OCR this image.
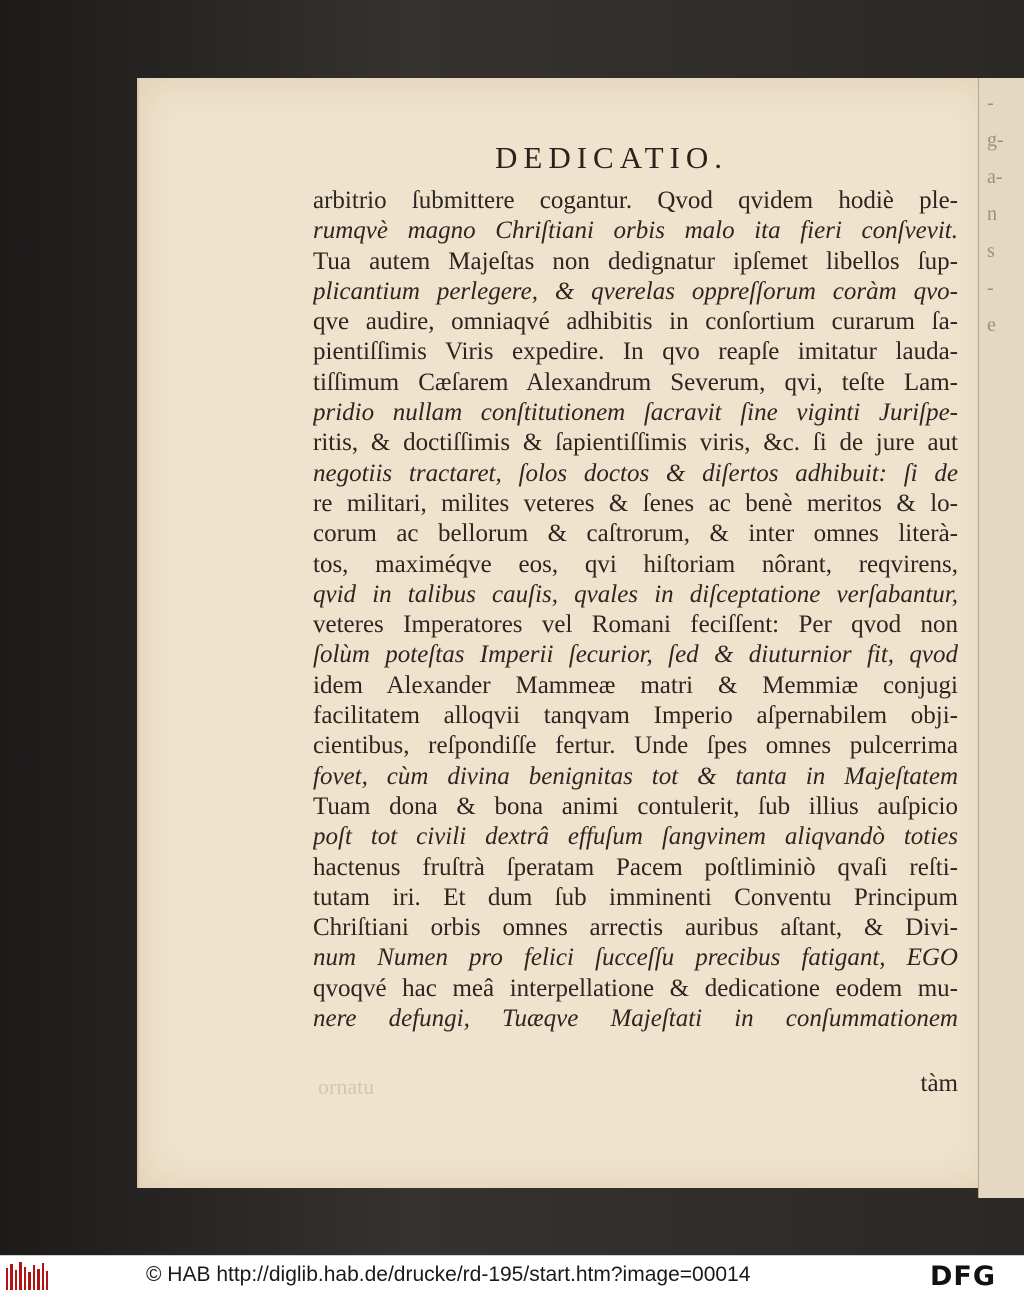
-
g-
a-
n
s
-
e
DEDICATIO.
arbitrio ſubmittere cogantur. Qvod qvidem hodiè ple-
rumqvè magno Chriſtiani orbis malo ita fieri conſvevit.
Tua autem Majeſtas non dedignatur ipſemet libellos ſup-
plicantium perlegere, & qverelas oppreſſorum coràm qvo-
qve audire, omniaqvé adhibitis in conſortium curarum ſa-
pientiſſimis Viris expedire. In qvo reapſe imitatur lauda-
tiſſimum Cæſarem Alexandrum Severum, qvi, teſte Lam-
pridio nullam conſtitutionem ſacravit ſine viginti Juriſpe-
ritis, & doctiſſimis & ſapientiſſimis viris, &c. ſi de jure aut
negotiis tractaret, ſolos doctos & diſertos adhibuit: ſi de
re militari, milites veteres & ſenes ac benè meritos & lo-
corum ac bellorum & caſtrorum, & inter omnes literà-
tos, maximéqve eos, qvi hiſtoriam nôrant, reqvirens,
qvid in talibus cauſis, qvales in diſceptatione verſabantur,
veteres Imperatores vel Romani feciſſent: Per qvod non
ſolùm poteſtas Imperii ſecurior, ſed & diuturnior fit, qvod
idem Alexander Mammeæ matri & Memmiæ conjugi
facilitatem alloqvii tanqvam Imperio aſpernabilem obji-
cientibus, reſpondiſſe fertur. Unde ſpes omnes pulcerrima
fovet, cùm divina benignitas tot & tanta in Majeſtatem
Tuam dona & bona animi contulerit, ſub illius auſpicio
poſt tot civili dextrâ effuſum ſangvinem aliqvandò toties
hactenus fruſtrà ſperatam Pacem poſtliminiò qvaſi reſti-
tutam iri. Et dum ſub imminenti Conventu Principum
Chriſtiani orbis omnes arrectis auribus aſtant, & Divi-
num Numen pro felici ſucceſſu precibus fatigant, EGO
qvoqvé hac meâ interpellatione & dedicatione eodem mu-
nere defungi, Tuæqve Majeſtati in conſummationem
ornatu	tàm
© HAB http://diglib.hab.de/drucke/rd-195/start.htm?image=00014	DFG
